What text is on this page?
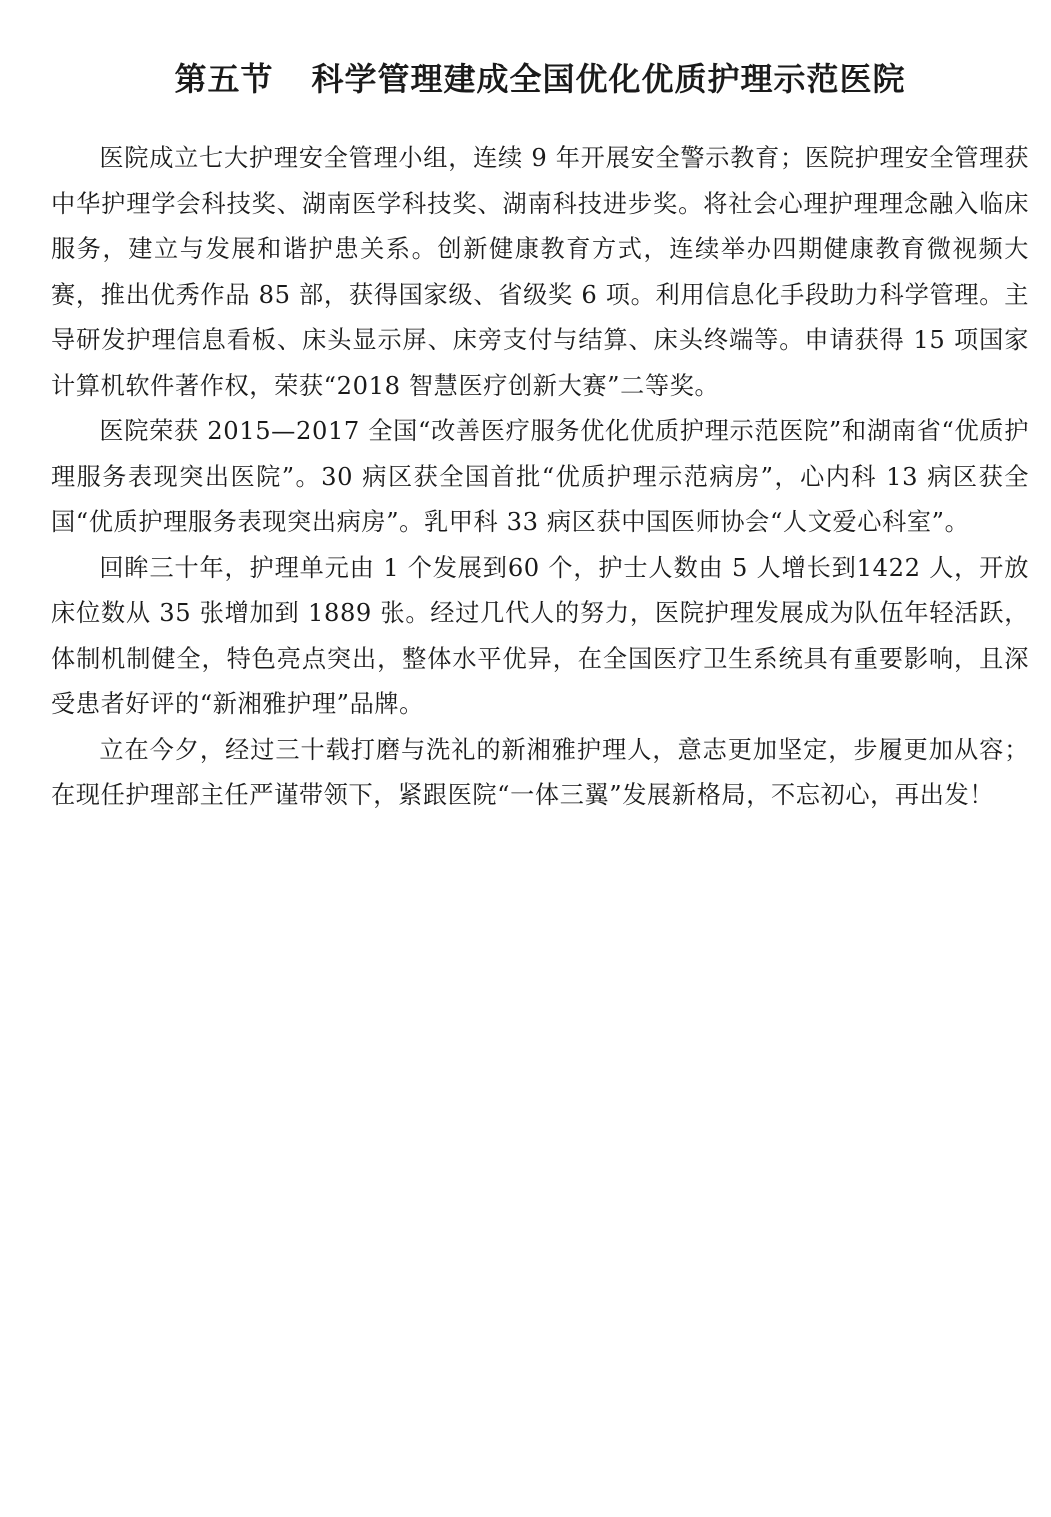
第五节 科学管理建成全国优化优质护理示范医院

医院成立七大护理安全管理小组，连续 9 年开展安全警示教育；医院护理安全管理获中华护理学会科技奖、湖南医学科技奖、湖南科技进步奖。将社会心理护理理念融入临床服务，建立与发展和谐护患关系。创新健康教育方式，连续举办四期健康教育微视频大赛，推出优秀作品 85 部，获得国家级、省级奖 6 项。利用信息化手段助力科学管理。主导研发护理信息看板、床头显示屏、床旁支付与结算、床头终端等。申请获得 15 项国家计算机软件著作权，荣获“2018 智慧医疗创新大赛”二等奖。

医院荣获 2015—2017 全国“改善医疗服务优化优质护理示范医院”和湖南省“优质护理服务表现突出医院”。30 病区获全国首批“优质护理示范病房”，心内科 13 病区获全国“优质护理服务表现突出病房”。乳甲科 33 病区获中国医师协会“人文爱心科室”。

回眸三十年，护理单元由 1 个发展到60 个，护士人数由 5 人增长到1422 人，开放床位数从 35 张增加到 1889 张。经过几代人的努力，医院护理发展成为队伍年轻活跃，体制机制健全，特色亮点突出，整体水平优异，在全国医疗卫生系统具有重要影响，且深受患者好评的“新湘雅护理”品牌。

立在今夕，经过三十载打磨与洗礼的新湘雅护理人，意志更加坚定，步履更加从容；在现任护理部主任严谨带领下，紧跟医院“一体三翼”发展新格局，不忘初心，再出发！
